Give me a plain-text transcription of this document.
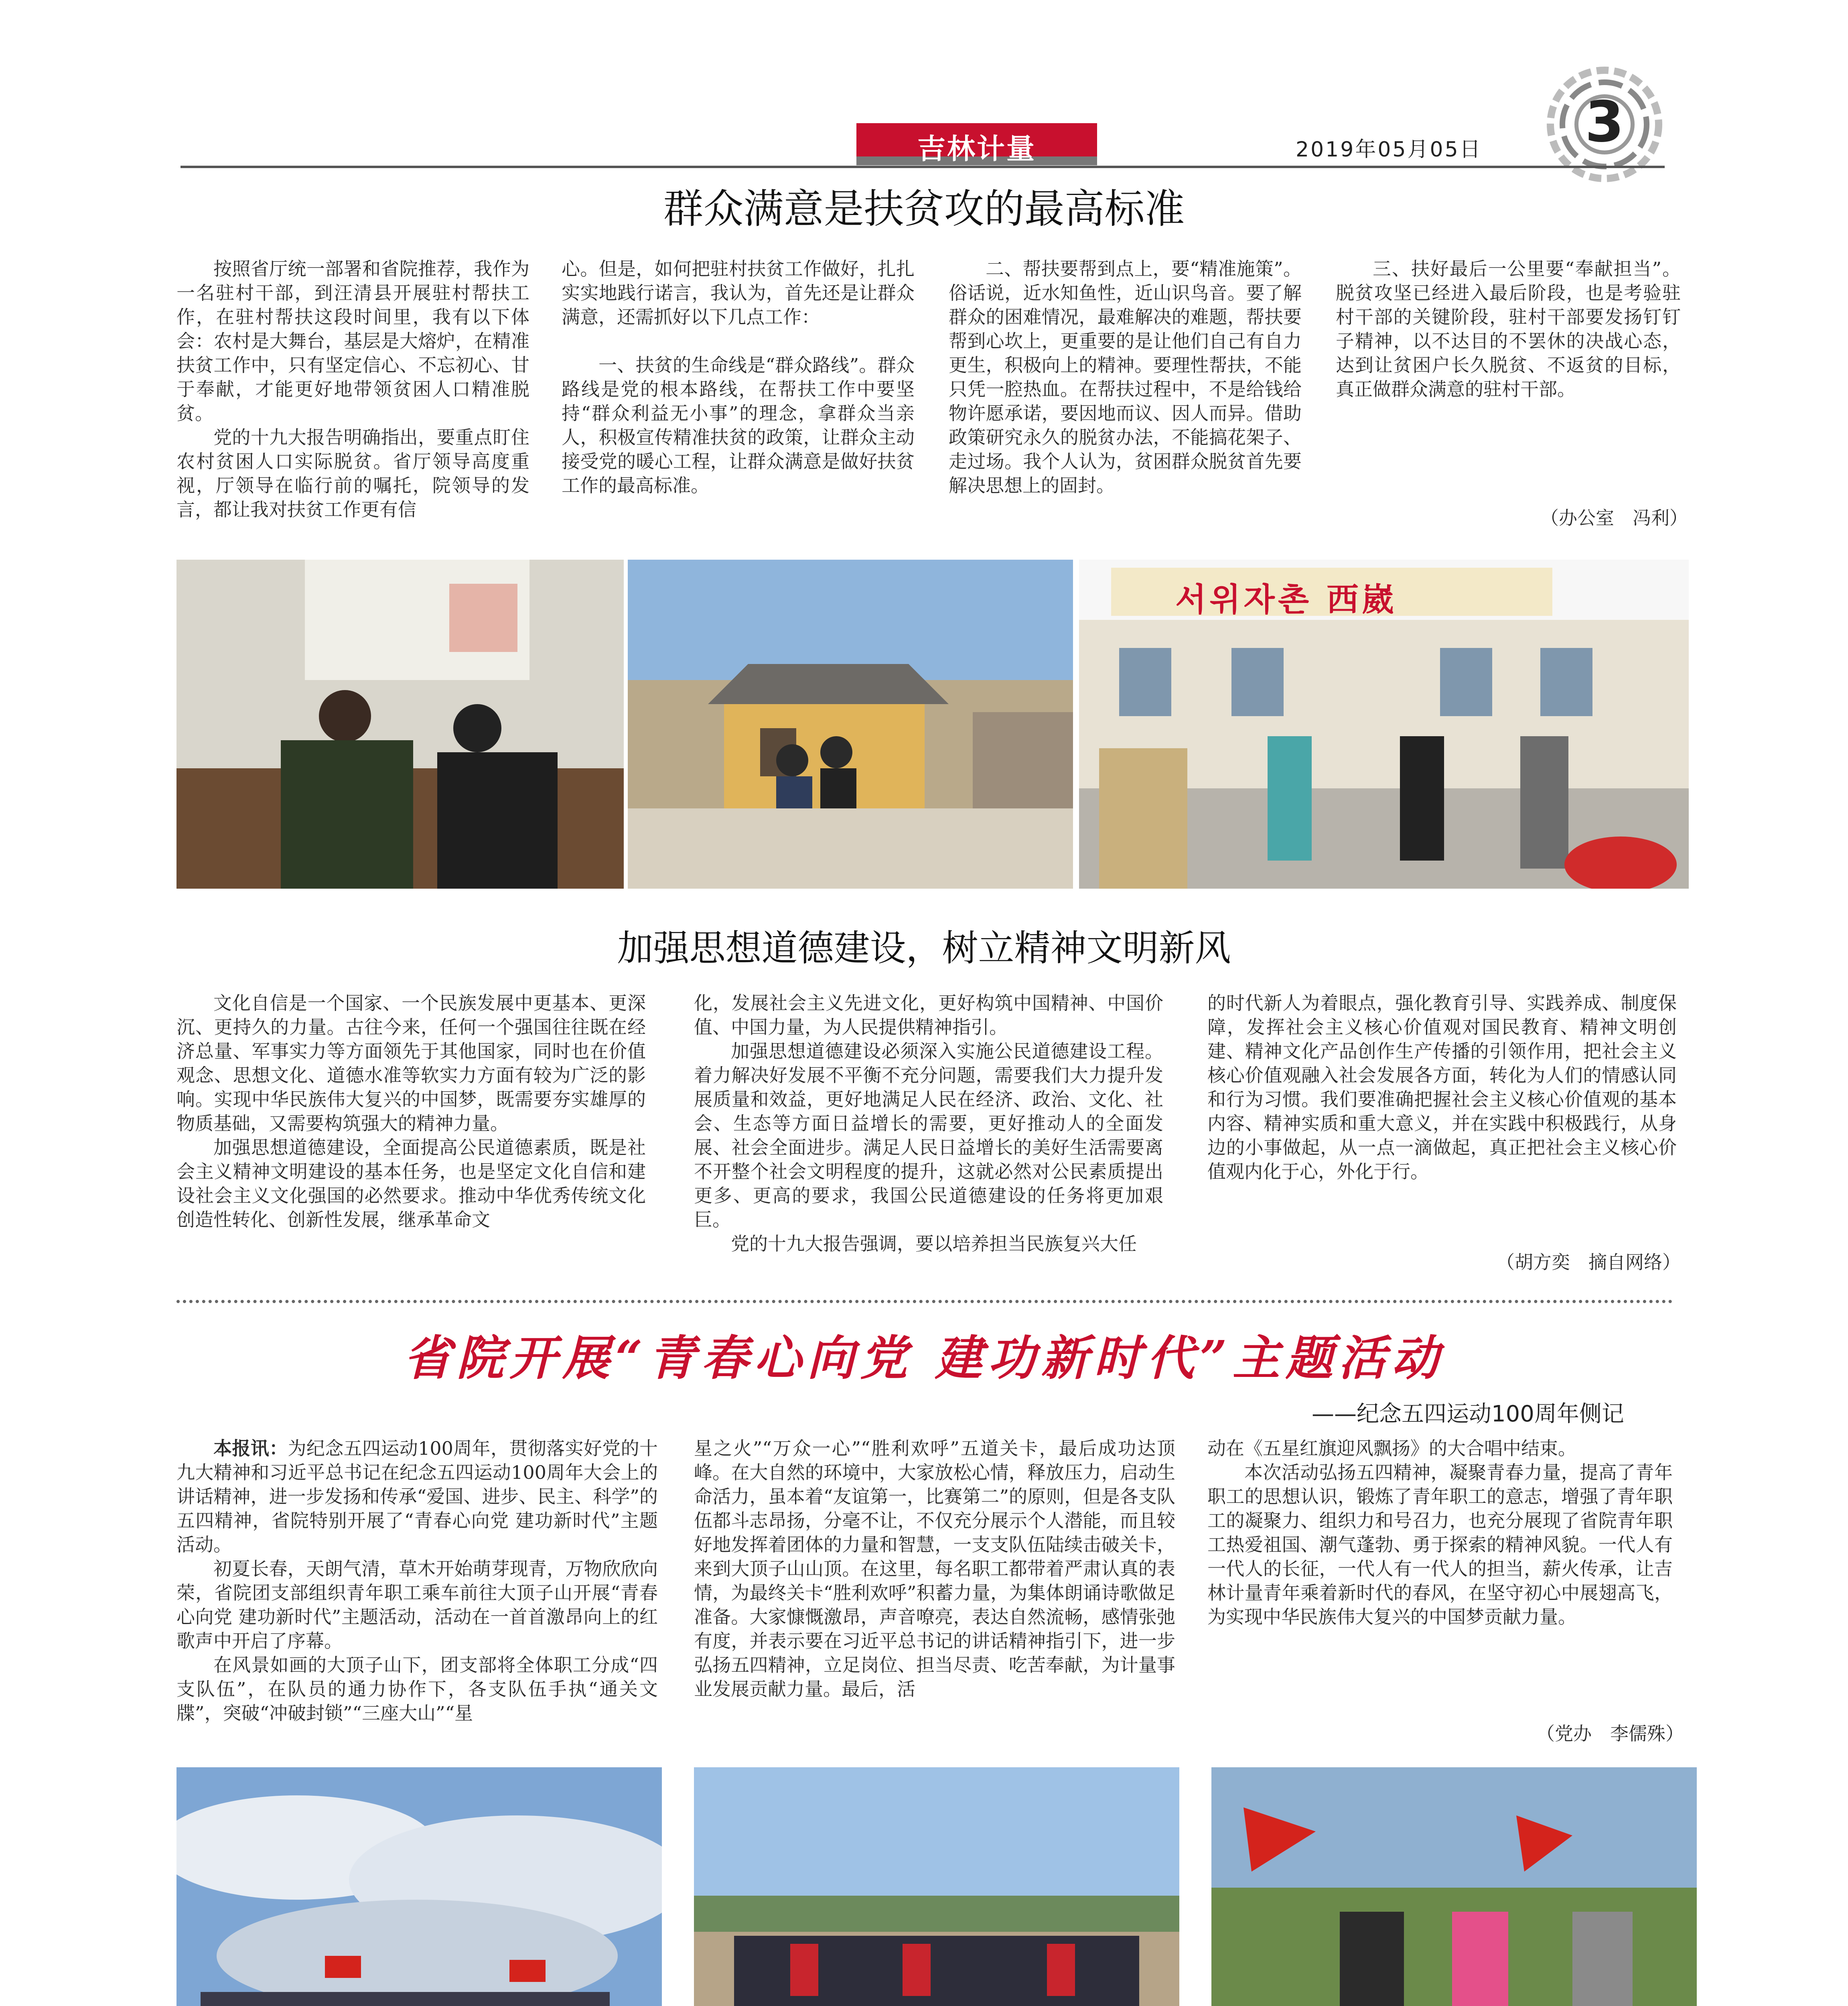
吉林计量	2019年05月05日 3
群众满意是扶贫攻的最高标准

按照省厅统一部署和省院推荐，我作为一名驻村干部，到汪清县开展驻村帮扶工作，在驻村帮扶这段时间里，我有以下体会：农村是大舞台，基层是大熔炉，在精准扶贫工作中，只有坚定信心、不忘初心、甘于奉献，才能更好地带领贫困人口精准脱贫。

党的十九大报告明确指出，要重点盯住农村贫困人口实际脱贫。省厅领导高度重视，厅领导在临行前的嘱托，院领导的发言，都让我对扶贫工作更有信

心。但是，如何把驻村扶贫工作做好，扎扎实实地践行诺言，我认为，首先还是让群众满意，还需抓好以下几点工作：

一、扶贫的生命线是“群众路线”。群众路线是党的根本路线，在帮扶工作中要坚持“群众利益无小事”的理念，拿群众当亲人，积极宣传精准扶贫的政策，让群众主动接受党的暖心工程，让群众满意是做好扶贫工作的最高标准。

二、帮扶要帮到点上，要“精准施策”。俗话说，近水知鱼性，近山识鸟音。要了解群众的困难情况，最难解决的难题，帮扶要帮到心坎上，更重要的是让他们自己有自力更生，积极向上的精神。要理性帮扶，不能只凭一腔热血。在帮扶过程中，不是给钱给物许愿承诺，要因地而议、因人而异。借助政策研究永久的脱贫办法，不能搞花架子、走过场。我个人认为，贫困群众脱贫首先要解决思想上的固封。

三、扶好最后一公里要“奉献担当”。脱贫攻坚已经进入最后阶段，也是考验驻村干部的关键阶段，驻村干部要发扬钉钉子精神，以不达目的不罢休的决战心态，达到让贫困户长久脱贫、不返贫的目标，真正做群众满意的驻村干部。

（办公室　冯利）
서위자촌 西崴
加强思想道德建设，树立精神文明新风

文化自信是一个国家、一个民族发展中更基本、更深沉、更持久的力量。古往今来，任何一个强国往往既在经济总量、军事实力等方面领先于其他国家，同时也在价值观念、思想文化、道德水准等软实力方面有较为广泛的影响。实现中华民族伟大复兴的中国梦，既需要夯实雄厚的物质基础，又需要构筑强大的精神力量。

加强思想道德建设，全面提高公民道德素质，既是社会主义精神文明建设的基本任务，也是坚定文化自信和建设社会主义文化强国的必然要求。推动中华优秀传统文化创造性转化、创新性发展，继承革命文

化，发展社会主义先进文化，更好构筑中国精神、中国价值、中国力量，为人民提供精神指引。

加强思想道德建设必须深入实施公民道德建设工程。着力解决好发展不平衡不充分问题，需要我们大力提升发展质量和效益，更好地满足人民在经济、政治、文化、社会、生态等方面日益增长的需要，更好推动人的全面发展、社会全面进步。满足人民日益增长的美好生活需要离不开整个社会文明程度的提升，这就必然对公民素质提出更多、更高的要求，我国公民道德建设的任务将更加艰巨。

党的十九大报告强调，要以培养担当民族复兴大任

的时代新人为着眼点，强化教育引导、实践养成、制度保障，发挥社会主义核心价值观对国民教育、精神文明创建、精神文化产品创作生产传播的引领作用，把社会主义核心价值观融入社会发展各方面，转化为人们的情感认同和行为习惯。我们要准确把握社会主义核心价值观的基本内容、精神实质和重大意义，并在实践中积极践行，从身边的小事做起，从一点一滴做起，真正把社会主义核心价值观内化于心，外化于行。

（胡方奕　摘自网络）
省院开展“青春心向党 建功新时代”主题活动
——纪念五四运动100周年侧记

本报讯：为纪念五四运动100周年，贯彻落实好党的十九大精神和习近平总书记在纪念五四运动100周年大会上的讲话精神，进一步发扬和传承“爱国、进步、民主、科学”的五四精神，省院特别开展了“青春心向党 建功新时代”主题活动。

初夏长春，天朗气清，草木开始萌芽现青，万物欣欣向荣，省院团支部组织青年职工乘车前往大顶子山开展“青春心向党 建功新时代”主题活动，活动在一首首激昂向上的红歌声中开启了序幕。

在风景如画的大顶子山下，团支部将全体职工分成“四支队伍”，在队员的通力协作下，各支队伍手执“通关文牒”，突破“冲破封锁”“三座大山”“星

星之火”“万众一心”“胜利欢呼”五道关卡，最后成功达顶峰。在大自然的环境中，大家放松心情，释放压力，启动生命活力，虽本着“友谊第一，比赛第二”的原则，但是各支队伍都斗志昂扬，分毫不让，不仅充分展示个人潜能，而且较好地发挥着团体的力量和智慧，一支支队伍陆续击破关卡，来到大顶子山山顶。在这里，每名职工都带着严肃认真的表情，为最终关卡“胜利欢呼”积蓄力量，为集体朗诵诗歌做足准备。大家慷慨激昂，声音嘹亮，表达自然流畅，感情张弛有度，并表示要在习近平总书记的讲话精神指引下，进一步弘扬五四精神，立足岗位、担当尽责、吃苦奉献，为计量事业发展贡献力量。最后，活

动在《五星红旗迎风飘扬》的大合唱中结束。

本次活动弘扬五四精神，凝聚青春力量，提高了青年职工的思想认识，锻炼了青年职工的意志，增强了青年职工的凝聚力、组织力和号召力，也充分展现了省院青年职工热爱祖国、潮气蓬勃、勇于探索的精神风貌。一代人有一代人的长征，一代人有一代人的担当，薪火传承，让吉林计量青年乘着新时代的春风，在坚守初心中展翅高飞，为实现中华民族伟大复兴的中国梦贡献力量。

（党办　李儒殊）
